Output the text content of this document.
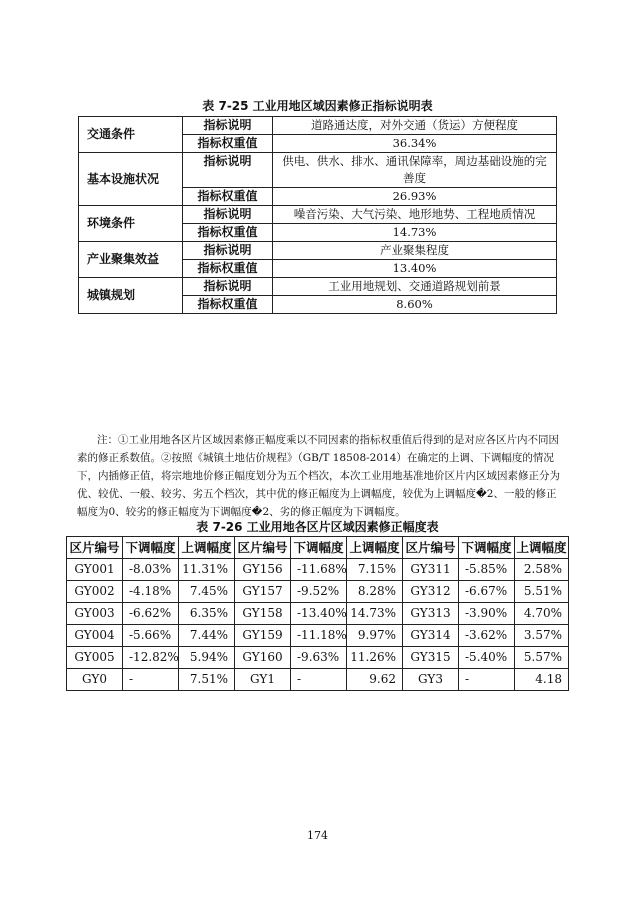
表 7-25 工业用地区域因素修正指标说明表
交通条件	指标说明	道路通达度，对外交通（货运）方便程度
	指标权重值	36.34%
基本设施状况	指标说明	供电、供水、排水、通讯保障率，周边基础设施的完善度
	指标权重值	26.93%
环境条件	指标说明	噪音污染、大气污染、地形地势、工程地质情况
	指标权重值	14.73%
产业聚集效益	指标说明	产业聚集程度
	指标权重值	13.40%
城镇规划	指标说明	工业用地规划、交通道路规划前景
	指标权重值	8.60%
注：①工业用地各区片区域因素修正幅度乘以不同因素的指标权重值后得到的是对应各区片内不同因素的修正系数值。②按照《城镇土地估价规程》（GB/T 18508-2014）在确定的上调、下调幅度的情况下，内插修正值，将宗地地价修正幅度划分为五个档次，本次工业用地基准地价区片内区域因素修正分为优、较优、一般、较劣、劣五个档次，其中优的修正幅度为上调幅度，较优为上调幅度�2、一般的修正幅度为0、较劣的修正幅度为下调幅度�2、劣的修正幅度为下调幅度。
表 7-26 工业用地各区片区域因素修正幅度表
区片编号	下调幅度	上调幅度	区片编号	下调幅度	上调幅度	区片编号	下调幅度	上调幅度
GY001	-8.03%	11.31%	GY156	-11.68%	7.15%	GY311	-5.85%	2.58%
GY002	-4.18%	7.45%	GY157	-9.52%	8.28%	GY312	-6.67%	5.51%
GY003	-6.62%	6.35%	GY158	-13.40%	14.73%	GY313	-3.90%	4.70%
GY004	-5.66%	7.44%	GY159	-11.18%	9.97%	GY314	-3.62%	3.57%
GY005	-12.82%	5.94%	GY160	-9.63%	11.26%	GY315	-5.40%	5.57%
GY0	-	7.51%	GY1	-	9.62	GY3	-	4.18
174
